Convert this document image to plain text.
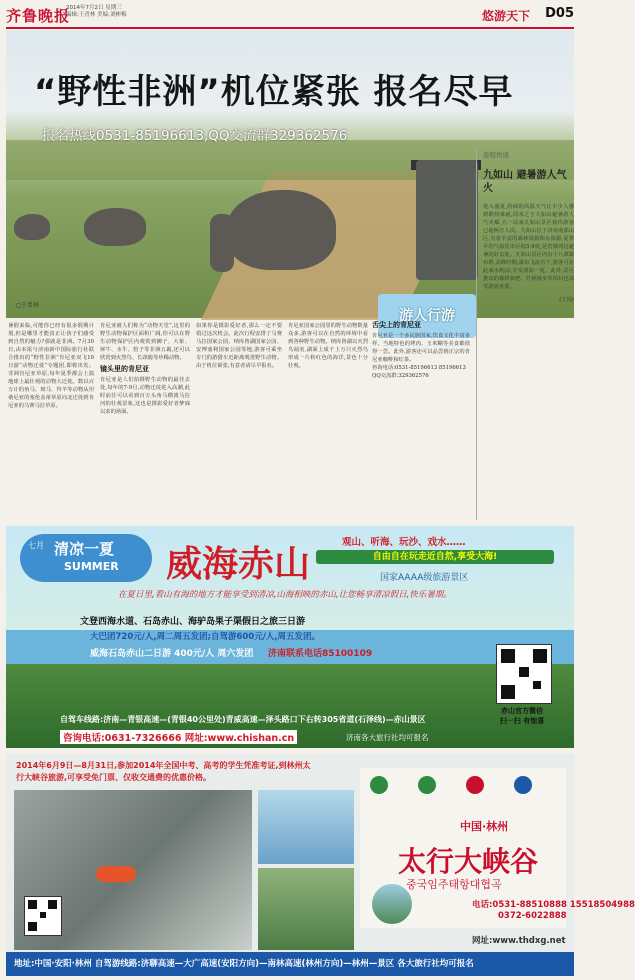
齐鲁晚报
2014年7月2日 星期三
编辑:王青林 美编:刘彬梅	悠游天下 D05
“野性非洲”机位紧张 报名尽早
报名热线0531-85196613,QQ交流群329362576
◻王菁林
游人行游
游程快递
九如山 避暑游人气火
进入盛夏,持续的高温天气让不少人感到酷热难耐,周末之于九如山避暑游人气火爆,五一以来九如山景区接待游客已超两万人次。九如山位于济南南部山区,有着丰富的森林资源和水资源,夏季平均气温比市区低5-8度,是省城周边避暑的好去处。九如山景区内有十八潭瀑布群,高峰时期,瀑布飞流直下,游客可在此戏水纳凉,享受清凉一夏。此外,景区推出的森林氧吧、竹林漫步等项目也深受游客喜爱。
(王闯)
暑假来临,可能你已经有很多假期计划,但是哪里才能真正让孩子们感受到自然的魅力?那就是非洲。7月30日,由本报与济南新中国际旅行社联合推出的“野性非洲”肯尼亚双飞10日游“动物迁徙”专题团,即将出发。非洲肯尼亚草原,每年夏季都会上演地球上最壮观的动物大迁徙。数以百万计的角马、斑马、羚羊等动物从坦桑尼亚的塞伦盖蒂草原向北迁徙到肯尼亚的马赛马拉草原。
肯尼亚被人们称为“动物天堂”,这里的野生动物保护区面积广阔,你可以在野生动物保护区内观赏到狮子、大象、犀牛、水牛、豹子等非洲五霸,还可以欣赏到火烈鸟、长颈鹿等珍稀动物。
镜头里的肯尼亚
肯尼亚是人们拍摄野生动物的最佳去处,每年的7-9月,动物迁徙进入高潮,此时前往可以看到百万头角马横渡马拉河的壮观景象,这也是摄影爱好者梦寐以求的场面。
如果你是摄影爱好者,那么一定不要错过这次机会。此次行程安排了马赛马拉国家公园、纳库鲁湖国家公园、安博塞利国家公园等地,游客可乘坐专门的游猎车近距离观赏野生动物。由于机位紧张,有意者请尽早报名。
肯尼亚国家公园里的野生动物数量众多,游客可以在自然的环境中看到各种野生动物。纳库鲁湖以火烈鸟闻名,湖面上成千上万只火烈鸟形成一片粉红色的海洋,景色十分壮观。
舌尖上的肯尼亚
肯尼亚是一个多民族国家,饮食文化丰富多样。当地特色的烤肉、玉米糊等美食都值得一尝。此外,游客还可以品尝到正宗的肯尼亚咖啡和红茶。
咨询电话:0531-85196613 85196613
QQ交流群:329362576
七月 清凉一夏
SUMMER 威海赤山
观山、听海、玩沙、戏水……
自由自在玩走近自然,享受大海!
国家AAAA级旅游景区
在夏日里,看山有海的地方才能享受到清凉,山海相映的赤山,让您畅享清凉假日,快乐暑期。
文登西海水道、石岛赤山、海驴岛果子渠假日之旅三日游
大巴团720元/人,周二周五发团;自驾游600元/人,周五发团。
威海石岛赤山二日游 400元/人 周六发团 济南联系电话85100109
自驾车线路:济南—青银高速—(青银40公里处)青威高速—泽头路口下右转305省道(石泽线)—赤山景区
咨询电话:0631-7326666 网址:www.chishan.cn	济南各大旅行社均可报名
赤山官方微信
扫一扫 有惊喜
2014年6月9日—8月31日,参加2014年全国中考、高考的学生凭准考证,到林州太行大峡谷旅游,可享受免门票、仅收交通费的优惠价格。
中国·林州
太行大峡谷
중국임주태항대협곡
电话:0531-88510888 15518504988
0372-6022888
网址:www.thdxg.net
地址:中国·安阳·林州 自驾游线路:济聊高速—大广高速(安阳方向)—南林高速(林州方向)—林州—景区 各大旅行社均可报名
